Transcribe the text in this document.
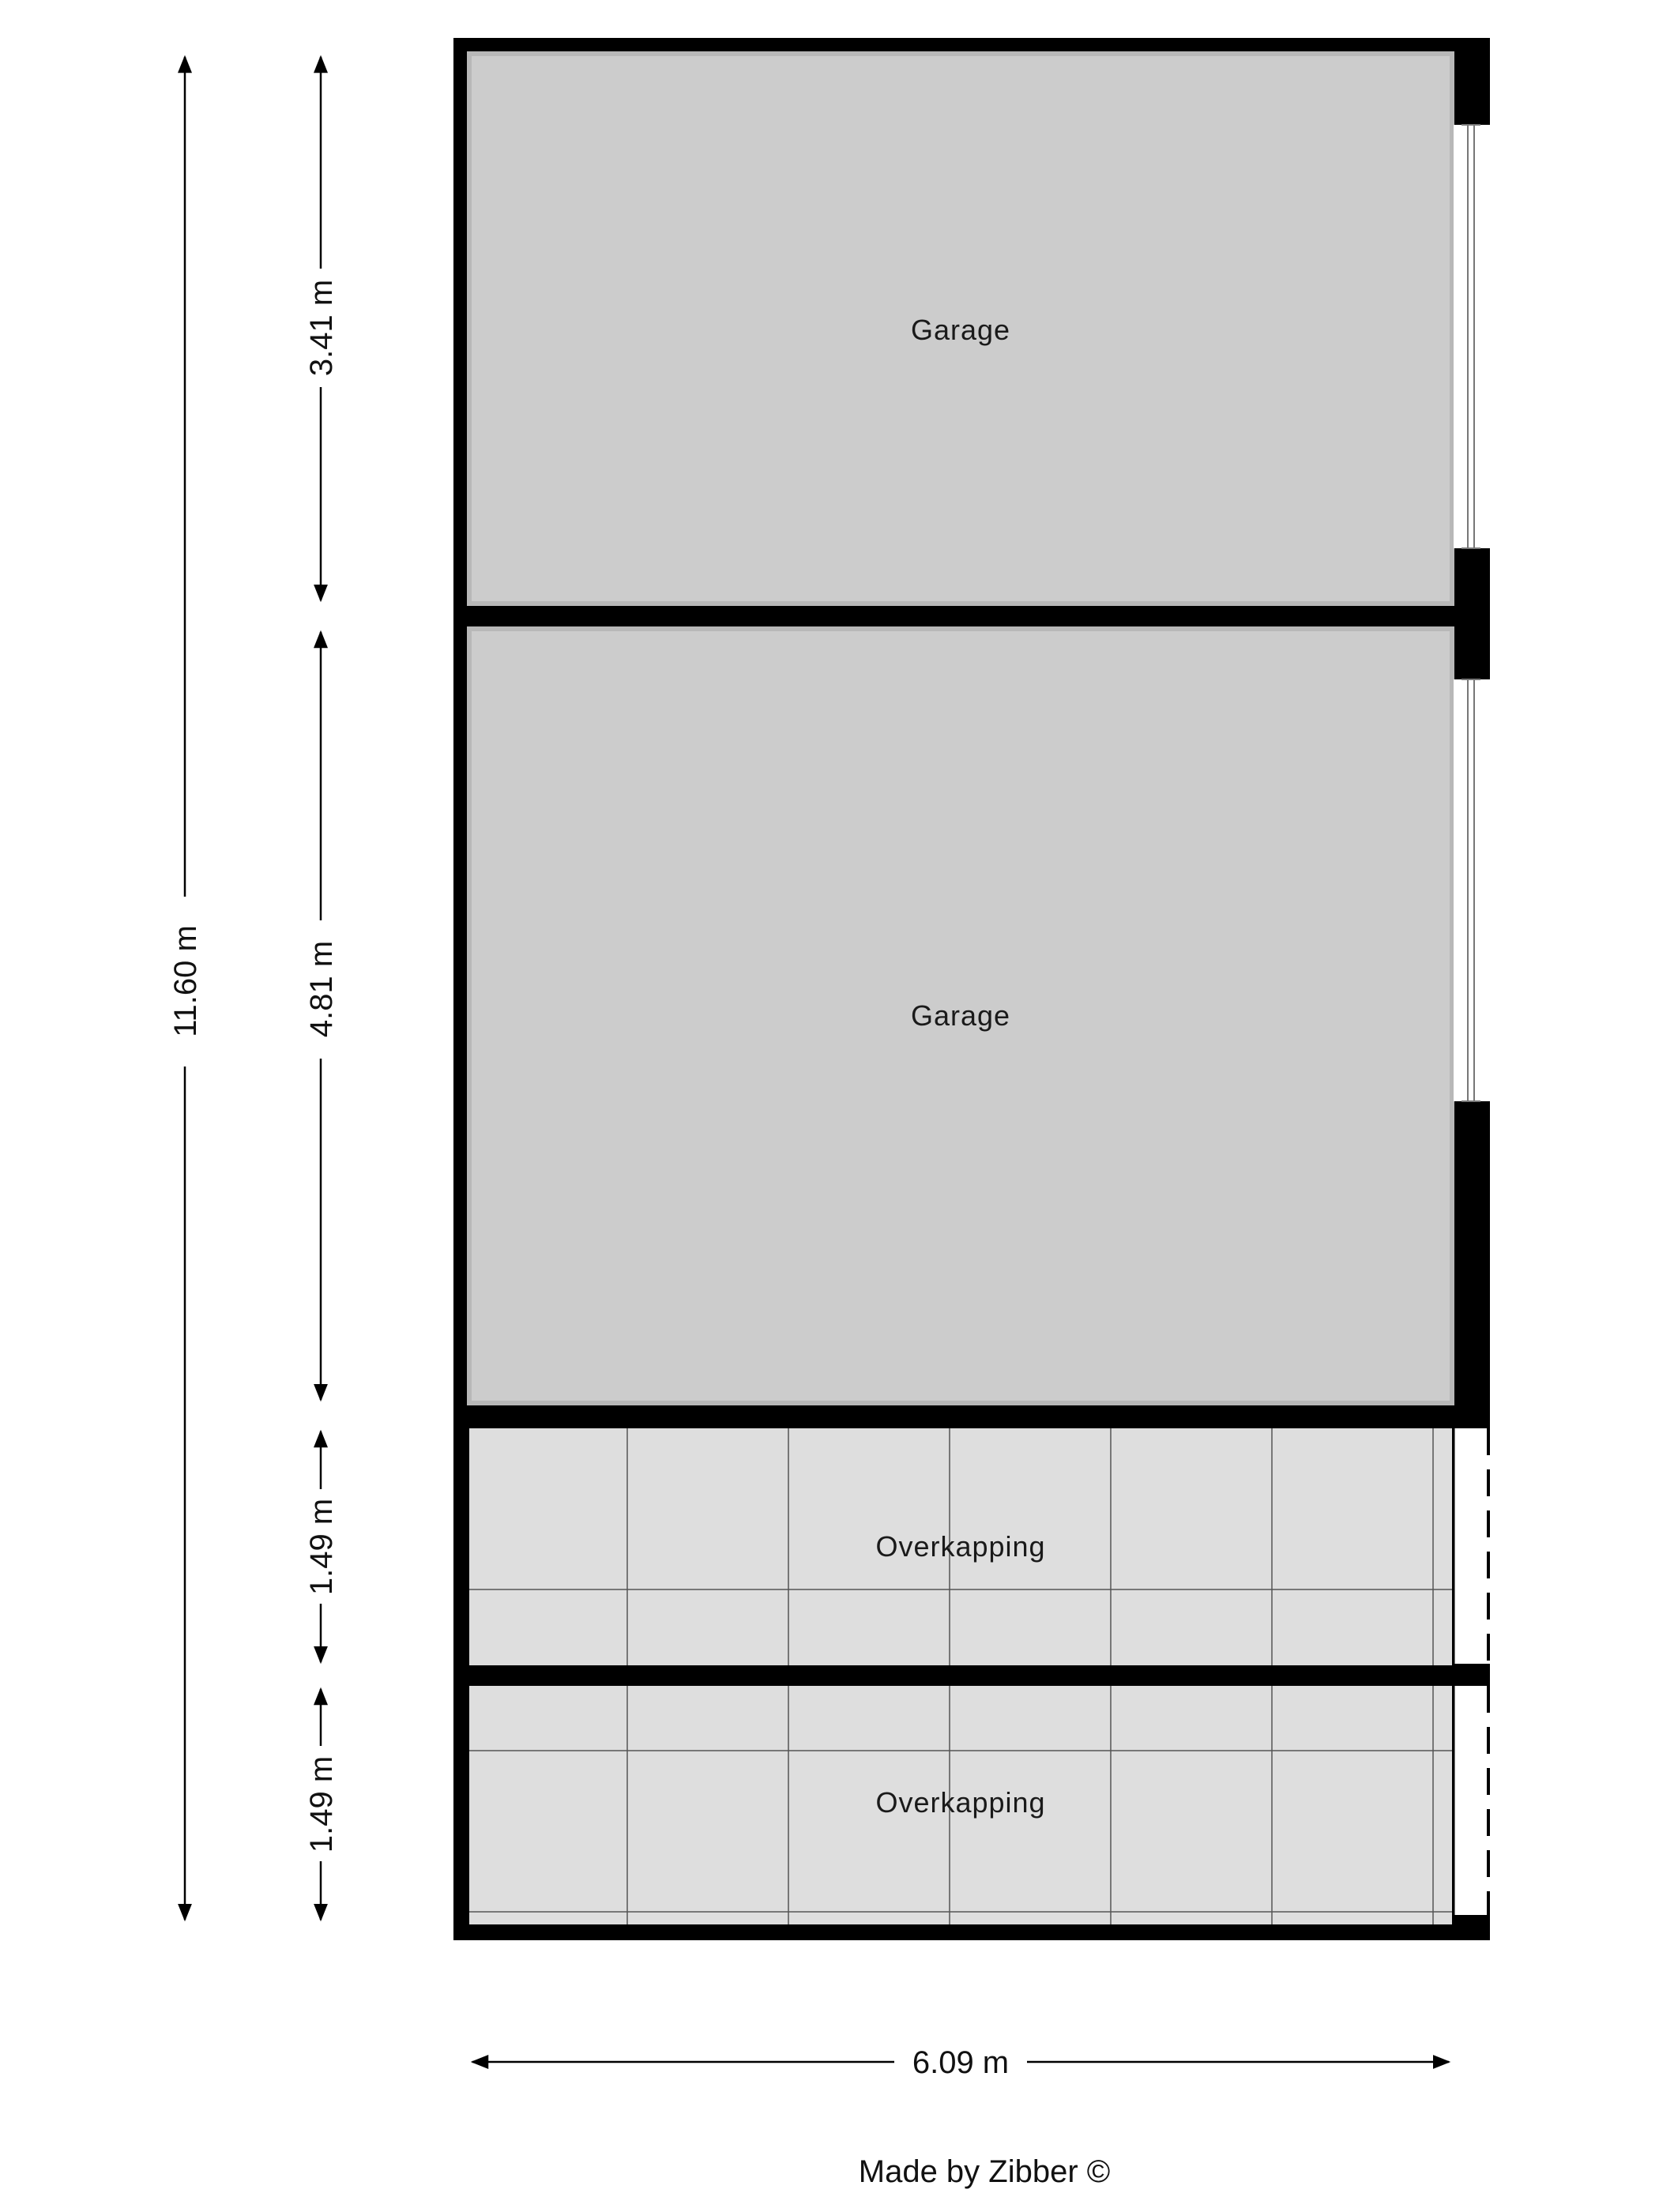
Garage
Garage
Overkapping
Overkapping
11.60 m
3.41 m
4.81 m
1.49 m
1.49 m
6.09 m
Made by Zibber ©
